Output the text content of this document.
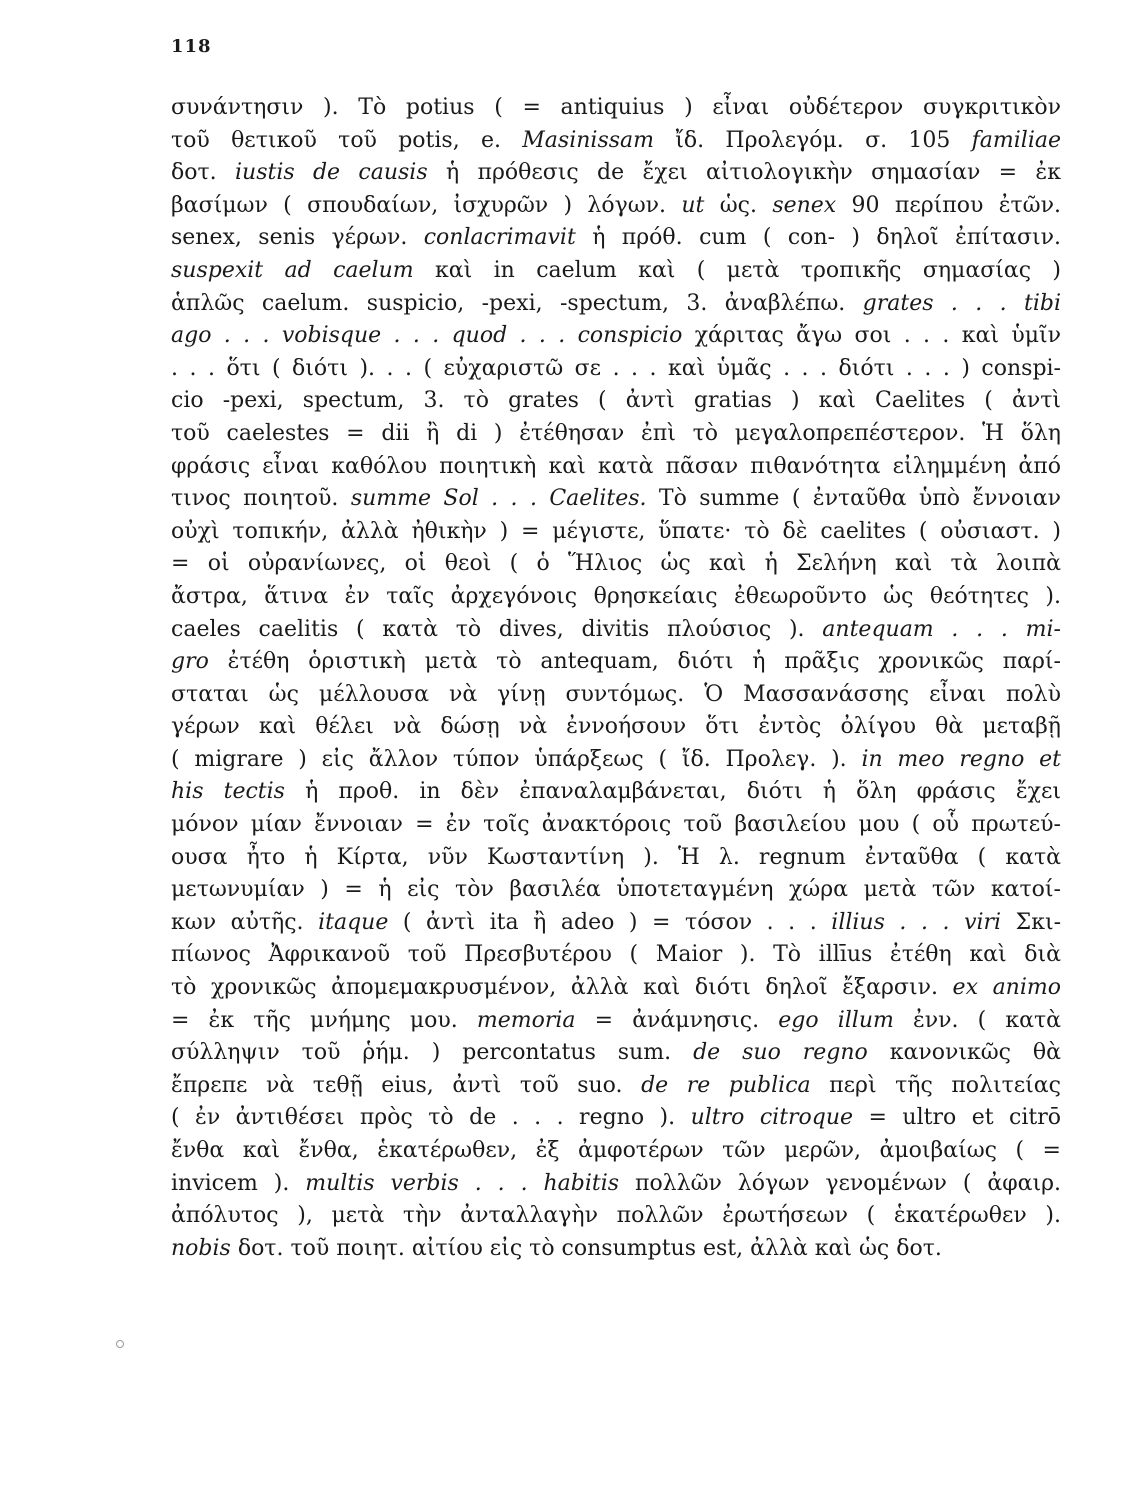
118
συνάντησιν ). Τὸ potius ( = antiquius ) εἶναι οὐδέτερον συγκριτικὸν
τοῦ θετικοῦ τοῦ potis, e. Masinissam ἴδ. Προλεγόμ. σ. 105 familiae
δοτ. iustis de causis ἡ πρόθεσις de ἔχει αἰτιολογικὴν σημασίαν = ἐκ
βασίμων ( σπουδαίων, ἰσχυρῶν ) λόγων. ut ὡς. senex 90 περίπου ἐτῶν.
senex, senis γέρων. conlacrimavit ἡ πρόθ. cum ( con- ) δηλοῖ ἐπίτασιν.
suspexit ad caelum καὶ in caelum καὶ ( μετὰ τροπικῆς σημασίας )
ἁπλῶς caelum. suspicio, -pexi, -spectum, 3. ἀναβλέπω. grates . . . tibi
ago . . . vobisque . . . quod . . . conspicio χάριτας ἄγω σοι . . . καὶ ὑμῖν
. . . ὅτι ( διότι ). . . ( εὐχαριστῶ σε . . . καὶ ὑμᾶς . . . διότι . . . ) conspi-
cio -pexi, spectum, 3. τὸ grates ( ἀντὶ gratias ) καὶ Caelites ( ἀντὶ
τοῦ caelestes = dii ἢ di ) ἐτέθησαν ἐπὶ τὸ μεγαλοπρεπέστερον. Ἡ ὅλη
φράσις εἶναι καθόλου ποιητικὴ καὶ κατὰ πᾶσαν πιθανότητα εἰλημμένη ἀπό
τινος ποιητοῦ. summe Sol . . . Caelites. Τὸ summe ( ἐνταῦθα ὑπὸ ἔννοιαν
οὐχὶ τοπικήν, ἀλλὰ ἠθικὴν ) = μέγιστε, ὕπατε· τὸ δὲ caelites ( οὐσιαστ. )
= οἱ οὐρανίωνες, οἱ θεοὶ ( ὁ Ἥλιος ὡς καὶ ἡ Σελήνη καὶ τὰ λοιπὰ
ἄστρα, ἅτινα ἐν ταῖς ἀρχεγόνοις θρησκείαις ἐθεωροῦντο ὡς θεότητες ).
caeles caelitis ( κατὰ τὸ dives, divitis πλούσιος ). antequam . . . mi-
gro ἐτέθη ὁριστικὴ μετὰ τὸ antequam, διότι ἡ πρᾶξις χρονικῶς παρί-
σταται ὡς μέλλουσα νὰ γίνῃ συντόμως. Ὁ Μασσανάσσης εἶναι πολὺ
γέρων καὶ θέλει νὰ δώσῃ νὰ ἐννοήσουν ὅτι ἐντὸς ὀλίγου θὰ μεταβῇ
( migrare ) εἰς ἄλλον τύπον ὑπάρξεως ( ἴδ. Προλεγ. ). in meo regno et
his tectis ἡ προθ. in δὲν ἐπαναλαμβάνεται, διότι ἡ ὅλη φράσις ἔχει
μόνον μίαν ἔννοιαν = ἐν τοῖς ἀνακτόροις τοῦ βασιλείου μου ( οὗ πρωτεύ-
ουσα ἦτο ἡ Κίρτα, νῦν Κωσταντίνη ). Ἡ λ. regnum ἐνταῦθα ( κατὰ
μετωνυμίαν ) = ἡ εἰς τὸν βασιλέα ὑποτεταγμένη χώρα μετὰ τῶν κατοί-
κων αὐτῆς. itaque ( ἀντὶ ita ἢ adeo ) = τόσον . . . illius . . . viri Σκι-
πίωνος Ἀφρικανοῦ τοῦ Πρεσβυτέρου ( Maior ). Τὸ illīus ἐτέθη καὶ διὰ
τὸ χρονικῶς ἀπομεμακρυσμένον, ἀλλὰ καὶ διότι δηλοῖ ἔξαρσιν. ex animo
= ἐκ τῆς μνήμης μου. memoria = ἀνάμνησις. ego illum ἐνν. ( κατὰ
σύλληψιν τοῦ ῥήμ. ) percontatus sum. de suo regno κανονικῶς θὰ
ἔπρεπε νὰ τεθῇ eius, ἀντὶ τοῦ suo. de re publica περὶ τῆς πολιτείας
( ἐν ἀντιθέσει πρὸς τὸ de . . . regno ). ultro citroque = ultro et citrō
ἔνθα καὶ ἔνθα, ἑκατέρωθεν, ἐξ ἀμφοτέρων τῶν μερῶν, ἀμοιβαίως ( =
invicem ). multis verbis . . . habitis πολλῶν λόγων γενομένων ( ἀφαιρ.
ἀπόλυτος ), μετὰ τὴν ἀνταλλαγὴν πολλῶν ἐρωτήσεων ( ἑκατέρωθεν ).
nobis δοτ. τοῦ ποιητ. αἰτίου εἰς τὸ consumptus est, ἀλλὰ καὶ ὡς δοτ.
